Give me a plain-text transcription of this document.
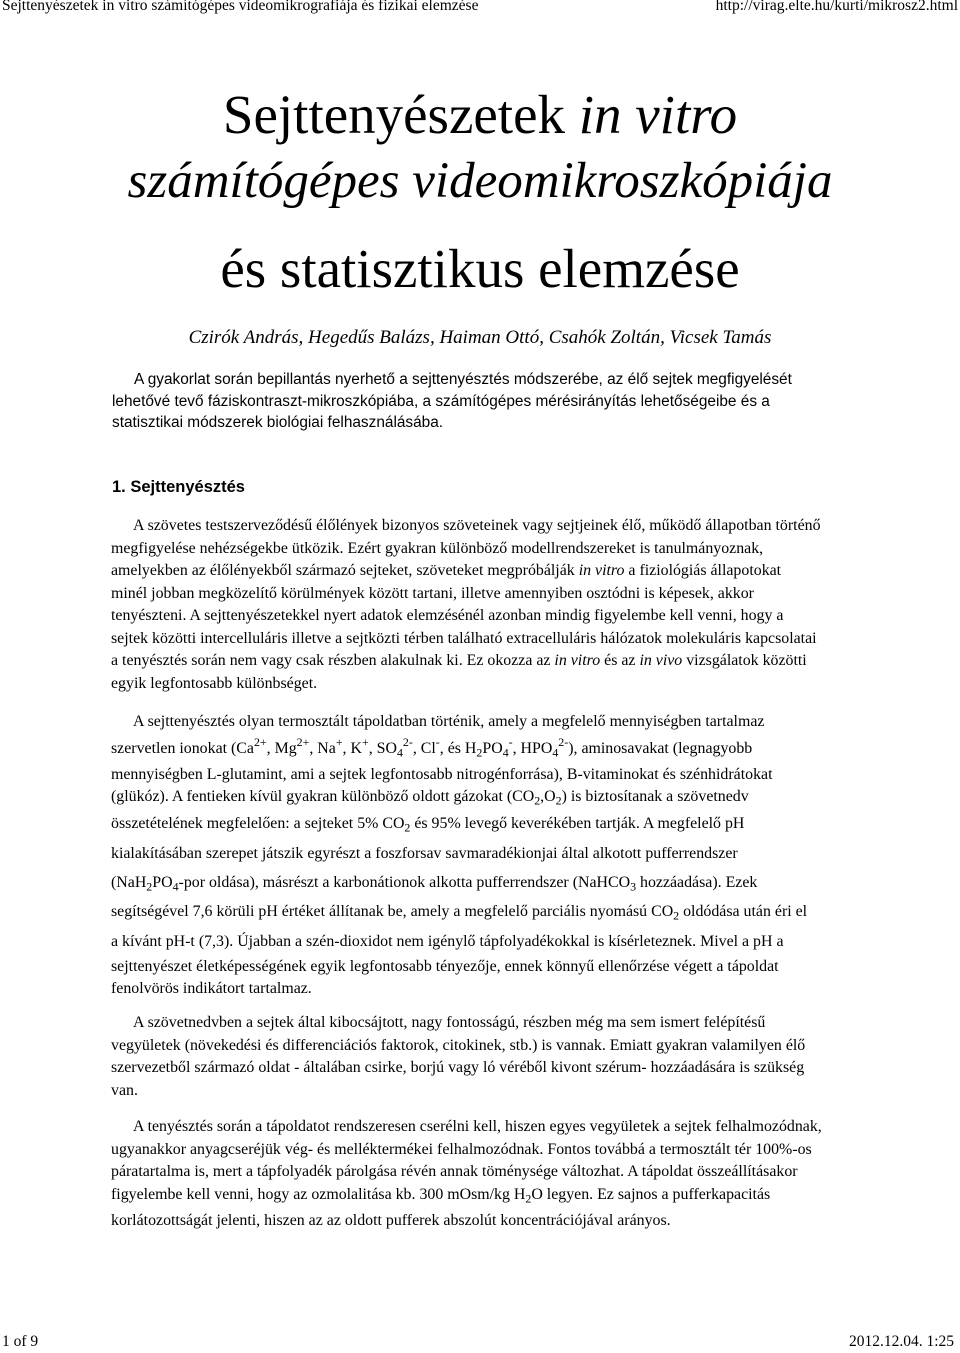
Sejttenyészetek in vitro számítógépes videomikrografiája és fizikai elemzése	http://virag.elte.hu/kurti/mikrosz2.html
Sejttenyészetek in vitro
számítógépes videomikroszkópiája
és statisztikus elemzése
Czirók András, Hegedűs Balázs, Haiman Ottó, Csahók Zoltán, Vicsek Tamás

A gyakorlat során bepillantás nyerhető a sejttenyésztés módszerébe, az élő sejtek megfigyelését

lehetővé tevő fáziskontraszt-mikroszkópiába, a számítógépes mérésirányítás lehetőségeibe és a

statisztikai módszerek biológiai felhasználásába.

1. Sejttenyésztés
A szövetes testszerveződésű élőlények bizonyos szöveteinek vagy sejtjeinek élő, működő állapotban történő
megfigyelése nehézségekbe ütközik. Ezért gyakran különböző modellrendszereket is tanulmányoznak,
amelyekben az élőlényekből származó sejteket, szöveteket megpróbálják in vitro a fiziológiás állapotokat
minél jobban megközelítő körülmények között tartani, illetve amennyiben osztódni is képesek, akkor
tenyészteni. A sejttenyészetekkel nyert adatok elemzésénél azonban mindig figyelembe kell venni, hogy a
sejtek közötti intercelluláris illetve a sejtközti térben található extracelluláris hálózatok molekuláris kapcsolatai
a tenyésztés során nem vagy csak részben alakulnak ki. Ez okozza az in vitro és az in vivo vizsgálatok közötti
egyik legfontosabb különbséget.
A sejttenyésztés olyan termosztált tápoldatban történik, amely a megfelelő mennyiségben tartalmaz
szervetlen ionokat ($Ca^{2+}$, $Mg^{2+}$, Na+, K+, $SO_4^{2-}$, Cl-, és $H_2PO_4^-$, $HPO_4^{2-}$), aminosavakat (legnagyobb
mennyiségben L-glutamint, ami a sejtek legfontosabb nitrogénforrása), B-vitaminokat és szénhidrátokat
(glükóz). A fentieken kívül gyakran különböző oldott gázokat $(CO_2,O_2)$ is biztosítanak a szövetnedv
összetételének megfelelően: a sejteket 5% $CO_2$ és 95% levegő keverékében tartják. A megfelelő pH
kialakításában szerepet játszik egyrészt a foszforsav savmaradékionjai által alkotott pufferrendszer
($NaH_2PO_4$-por oldása), másrészt a karbonátionok alkotta pufferrendszer (NaHCO$_3$ hozzáadása). Ezek
segítségével 7,6 körüli pH értéket állítanak be, amely a megfelelő parciális nyomású $CO_2$ oldódása után éri el
a kívánt pH-t (7,3). Újabban a szén-dioxidot nem igénylő tápfolyadékokkal is kísérleteznek. Mivel a pH a
sejttenyészet életképességének egyik legfontosabb tényezője, ennek könnyű ellenőrzése végett a tápoldat
fenolvörös indikátort tartalmaz.
A szövetnedvben a sejtek által kibocsájtott, nagy fontosságú, részben még ma sem ismert felépítésű
vegyületek (növekedési és differenciációs faktorok, citokinek, stb.) is vannak. Emiatt gyakran valamilyen élő
szervezetből származó oldat - általában csirke, borjú vagy ló véréből kivont szérum- hozzáadására is szükség
van.
A tenyésztés során a tápoldatot rendszeresen cserélni kell, hiszen egyes vegyületek a sejtek felhalmozódnak,
ugyanakkor anyagcseréjük vég- és melléktermékei felhalmozódnak. Fontos továbbá a termosztált tér 100%-os
páratartalma is, mert a tápfolyadék párolgása révén annak töménysége változhat. A tápoldat összeállításakor
figyelembe kell venni, hogy az ozmolalitása kb. 300 mOsm/kg $H_2O$ legyen. Ez sajnos a pufferkapacitás
korlátozottságát jelenti, hiszen az az oldott pufferek abszolút koncentrációjával arányos.
1 of 9	2012.12.04. 1:25
